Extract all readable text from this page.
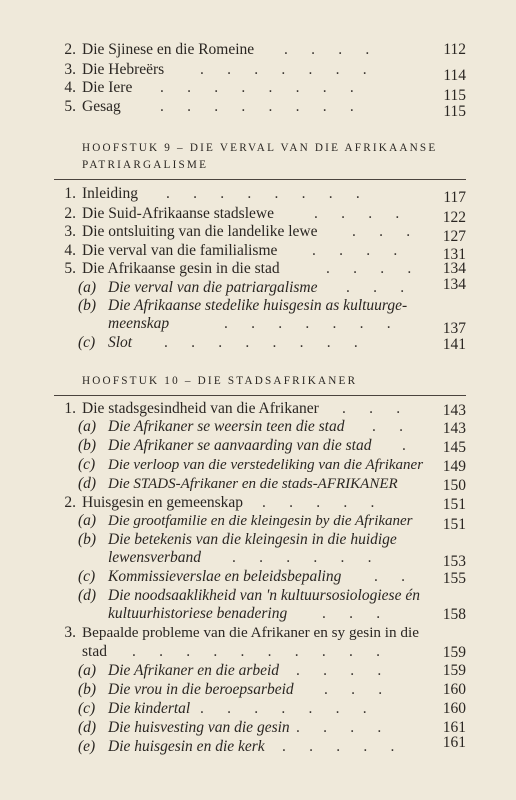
2. Die Sjinese en die Romeine .      .      .      .	112
3. Die Hebreërs .      .      .      .      .      .      .	114
4. Die Iere .      .      .      .      .      .      .      .	115
5. Gesag	.      .      .      .      .      .      .      .	115
HOOFSTUK 9 – DIE VERVAL VAN DIE AFRIKAANSE
PATRIARGALISME
1. Inleiding .      .      .      .      .      .      .      .	117
2. Die Suid-Afrikaanse stadslewe	.      .      .      .	122
3. Die ontsluiting van die landelike lewe .      .      .	127
4. Die verval van die familialisme .      .      .      .	131
5. Die Afrikaanse gesin in die stad	.      .      .      .	134
(a) Die verval van die patriargalisme .      .      .	134
(b) Die Afrikaanse stedelike huisgesin as kultuurge-
meenskap	.      .      .      .      .      .      .	137
(c) Slot .      .      .      .      .      .      .      .	141
HOOFSTUK 10 – DIE STADSAFRIKANER
1. Die stadsgesindheid van die Afrikaner .      .      .	143
(a) Die Afrikaner se weersin teen die stad .      .	143
(b) Die Afrikaner se aanvaarding van die stad .	145
(c) Die verloop van die verstedeliking van die Afrikaner	149
(d) Die STADS-Afrikaner en die stads-AFRIKANER	150
2. Huisgesin en gemeenskap .      .      .      .      .	151
(a) Die grootfamilie en die kleingesin by die Afrikaner	151
(b) Die betekenis van die kleingesin in die huidige
lewensverband .      .      .      .      .      .	153
(c) Kommissieverslae en beleidsbepaling .      .	155
(d) Die noodsaaklikheid van 'n kultuursosiologiese én
kultuurhistoriese benadering .      .      .	158
3. Bepaalde probleme van die Afrikaner en sy gesin in die
stad .      .      .      .      .      .      .      .      .      .	159
(a) Die Afrikaner en die arbeid .      .      .      .	159
(b) Die vrou in die beroepsarbeid .      .      .	160
(c) Die kindertal .      .      .      .      .      .      .	160
(d) Die huisvesting van die gesin .      .      .      .	161
(e) Die huisgesin en die kerk .      .      .      .      .	161
